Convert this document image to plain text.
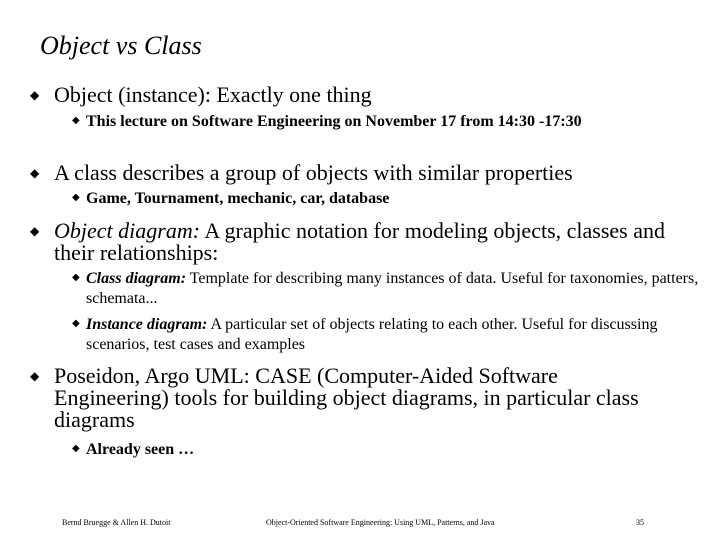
Object vs Class
◆ Object (instance): Exactly one thing
◆ This lecture on Software Engineering on November 17 from 14:30 -17:30
◆ A class describes a group of objects with similar properties
◆ Game, Tournament, mechanic, car, database
◆ Object diagram: A graphic notation for modeling objects, classes and their relationships:
◆ Class diagram: Template for describing many instances of data. Useful for taxonomies, patters, schemata...
◆ Instance diagram: A particular set of objects relating to each other. Useful for discussing scenarios, test cases and examples
◆ Poseidon, Argo UML: CASE (Computer-Aided Software Engineering) tools for building object diagrams, in particular class diagrams
◆ Already seen …
Bernd Bruegge & Allen H. Dutoit	Object-Oriented Software Engineering: Using UML, Patterns, and Java	35
